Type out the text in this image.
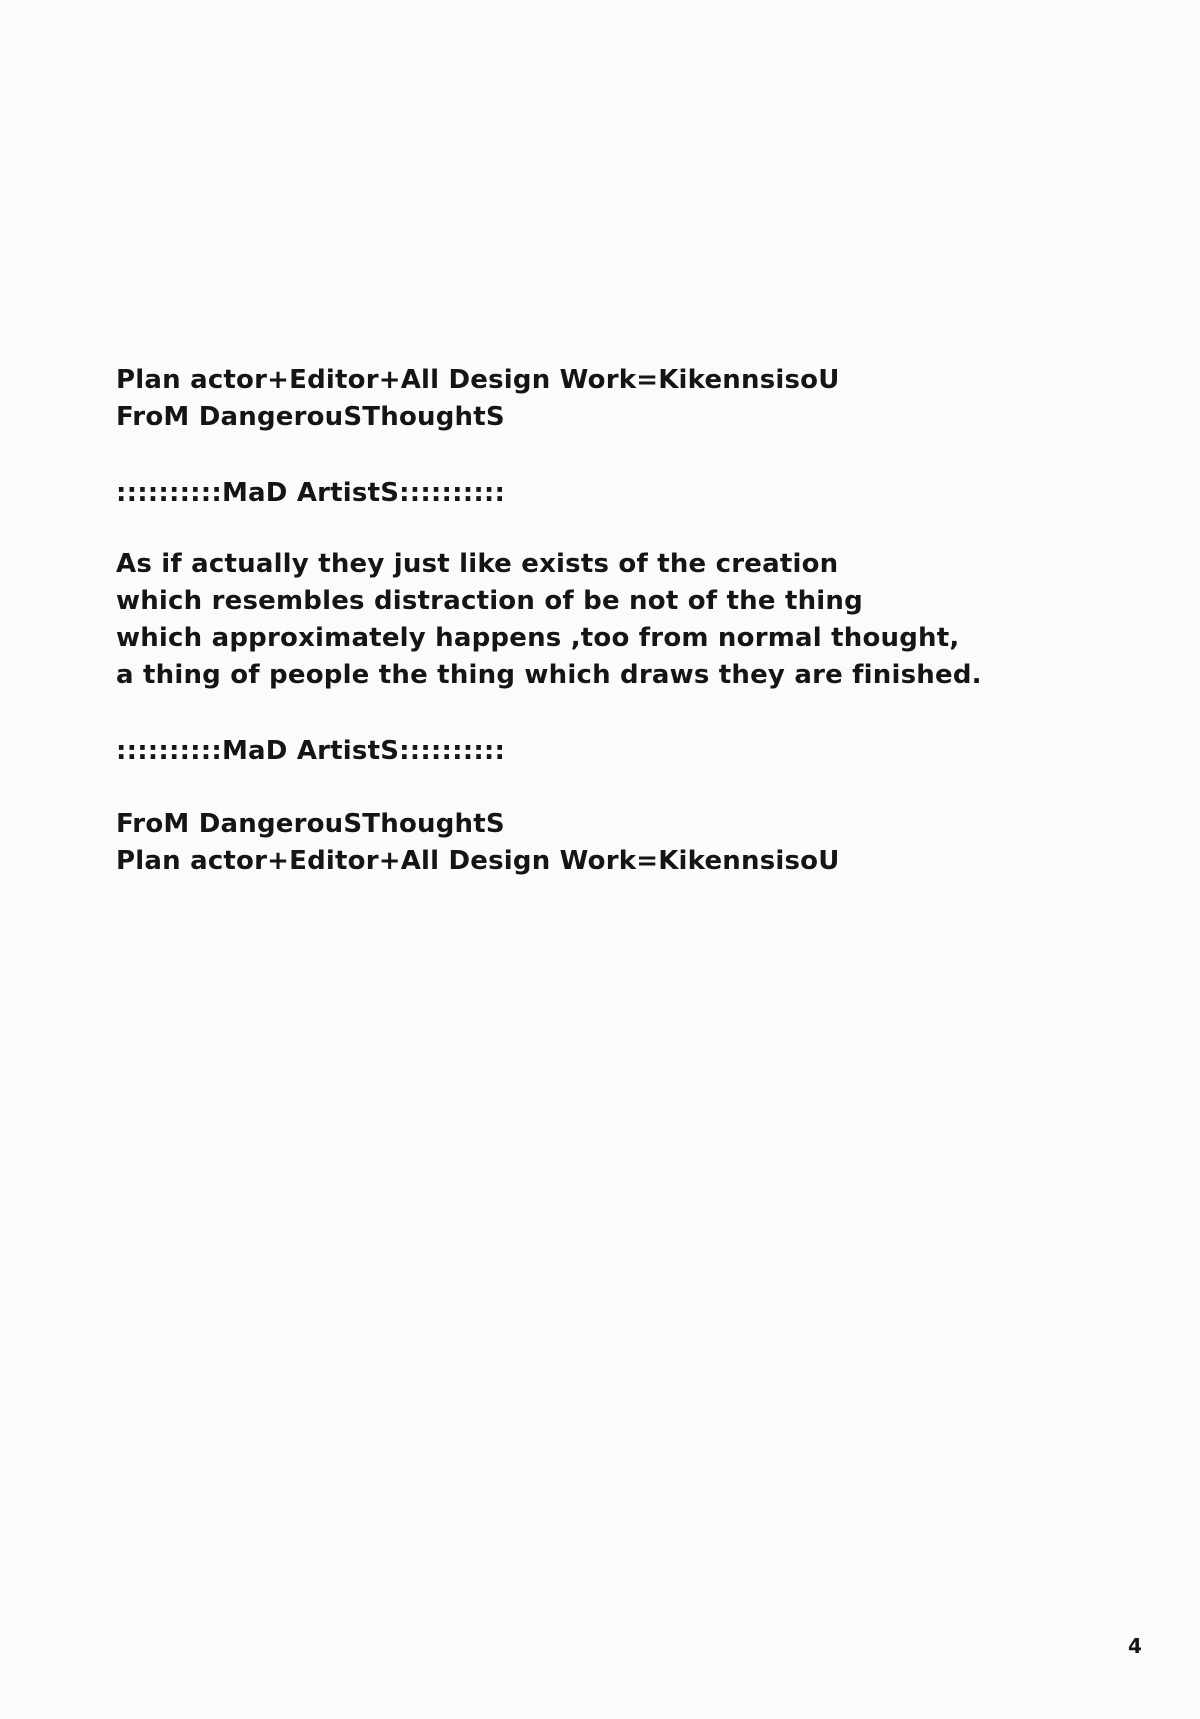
Plan actor+Editor+All Design Work=KikennsisoU
FroM DangerouSThoughtS
::::::::::MaD ArtistS::::::::::
As if actually they just like exists of the creation
which resembles distraction of be not of the thing
which approximately happens ,too from normal thought,
a thing of people the thing which draws they are finished.
::::::::::MaD ArtistS::::::::::
FroM DangerouSThoughtS
Plan actor+Editor+All Design Work=KikennsisoU
4
